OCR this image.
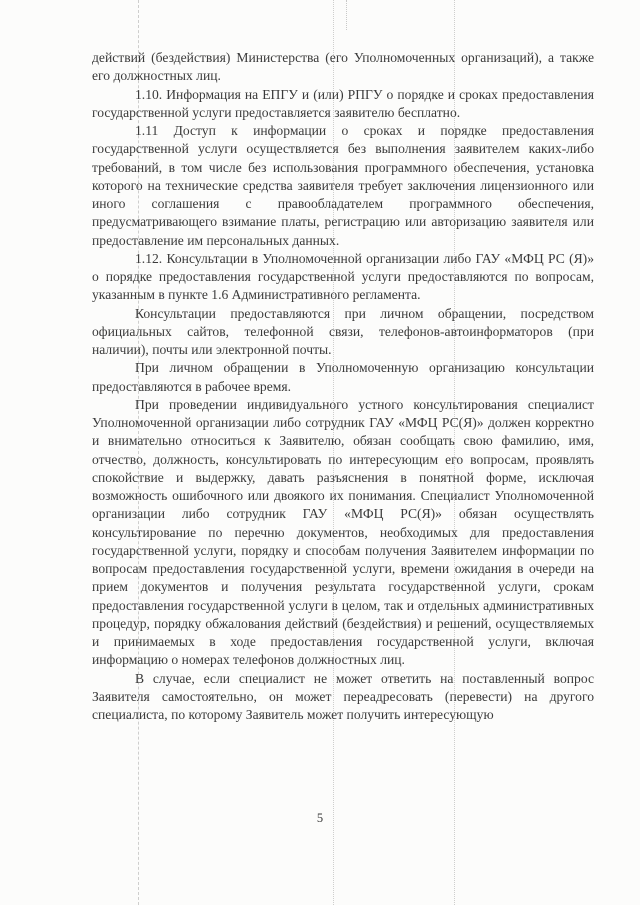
действий (бездействия) Министерства (его Уполномоченных организаций), а также его должностных лиц.

1.10. Информация на ЕПГУ и (или) РПГУ о порядке и сроках предоставления государственной услуги предоставляется заявителю бесплатно.

1.11 Доступ к информации о сроках и порядке предоставления государственной услуги осуществляется без выполнения заявителем каких-либо требований, в том числе без использования программного обеспечения, установка которого на технические средства заявителя требует заключения лицензионного или иного соглашения с правообладателем программного обеспечения, предусматривающего взимание платы, регистрацию или авторизацию заявителя или предоставление им персональных данных.

1.12. Консультации в Уполномоченной организации либо ГАУ «МФЦ РС (Я)» о порядке предоставления государственной услуги предоставляются по вопросам, указанным в пункте 1.6 Административного регламента.

Консультации предоставляются при личном обращении, посредством официальных сайтов, телефонной связи, телефонов-автоинформаторов (при наличии), почты или электронной почты.

При личном обращении в Уполномоченную организацию консультации предоставляются в рабочее время.

При проведении индивидуального устного консультирования специалист Уполномоченной организации либо сотрудник ГАУ «МФЦ РС(Я)» должен корректно и внимательно относиться к Заявителю, обязан сообщать свою фамилию, имя, отчество, должность, консультировать по интересующим его вопросам, проявлять спокойствие и выдержку, давать разъяснения в понятной форме, исключая возможность ошибочного или двоякого их понимания. Специалист Уполномоченной организации либо сотрудник ГАУ «МФЦ РС(Я)» обязан осуществлять консультирование по перечню документов, необходимых для предоставления государственной услуги, порядку и способам получения Заявителем информации по вопросам предоставления государственной услуги, времени ожидания в очереди на прием документов и получения результата государственной услуги, срокам предоставления государственной услуги в целом, так и отдельных административных процедур, порядку обжалования действий (бездействия) и решений, осуществляемых и принимаемых в ходе предоставления государственной услуги, включая информацию о номерах телефонов должностных лиц.

В случае, если специалист не может ответить на поставленный вопрос Заявителя самостоятельно, он может переадресовать (перевести) на другого специалиста, по которому Заявитель может получить интересующую

5
